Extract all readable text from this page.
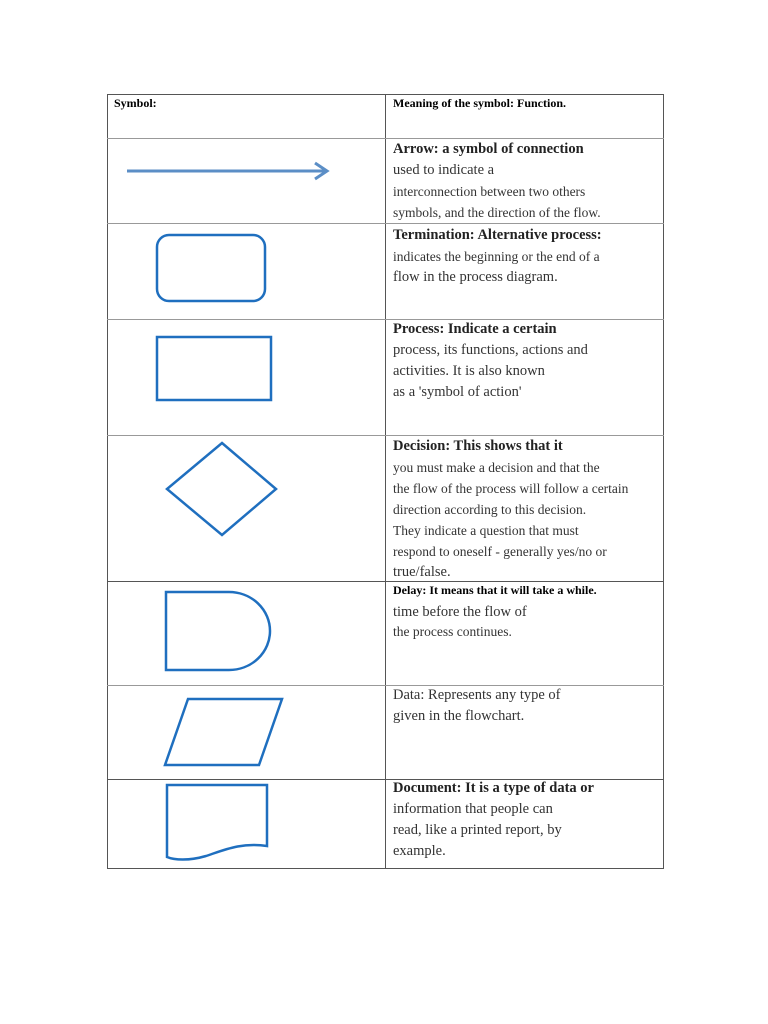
Symbol:	Meaning of the symbol: Function.
Arrow: a symbol of connection
used to indicate a
interconnection between two others
symbols, and the direction of the flow.
Termination: Alternative process:
indicates the beginning or the end of a
flow in the process diagram.
Process: Indicate a certain
process, its functions, actions and
activities. It is also known
as a 'symbol of action'
Decision: This shows that it
you must make a decision and that the
the flow of the process will follow a certain
direction according to this decision.
They indicate a question that must
respond to oneself - generally yes/no or
true/false.
Delay: It means that it will take a while.
time before the flow of
the process continues.
Data: Represents any type of
given in the flowchart.
Document: It is a type of data or
information that people can
read, like a printed report, by
example.
